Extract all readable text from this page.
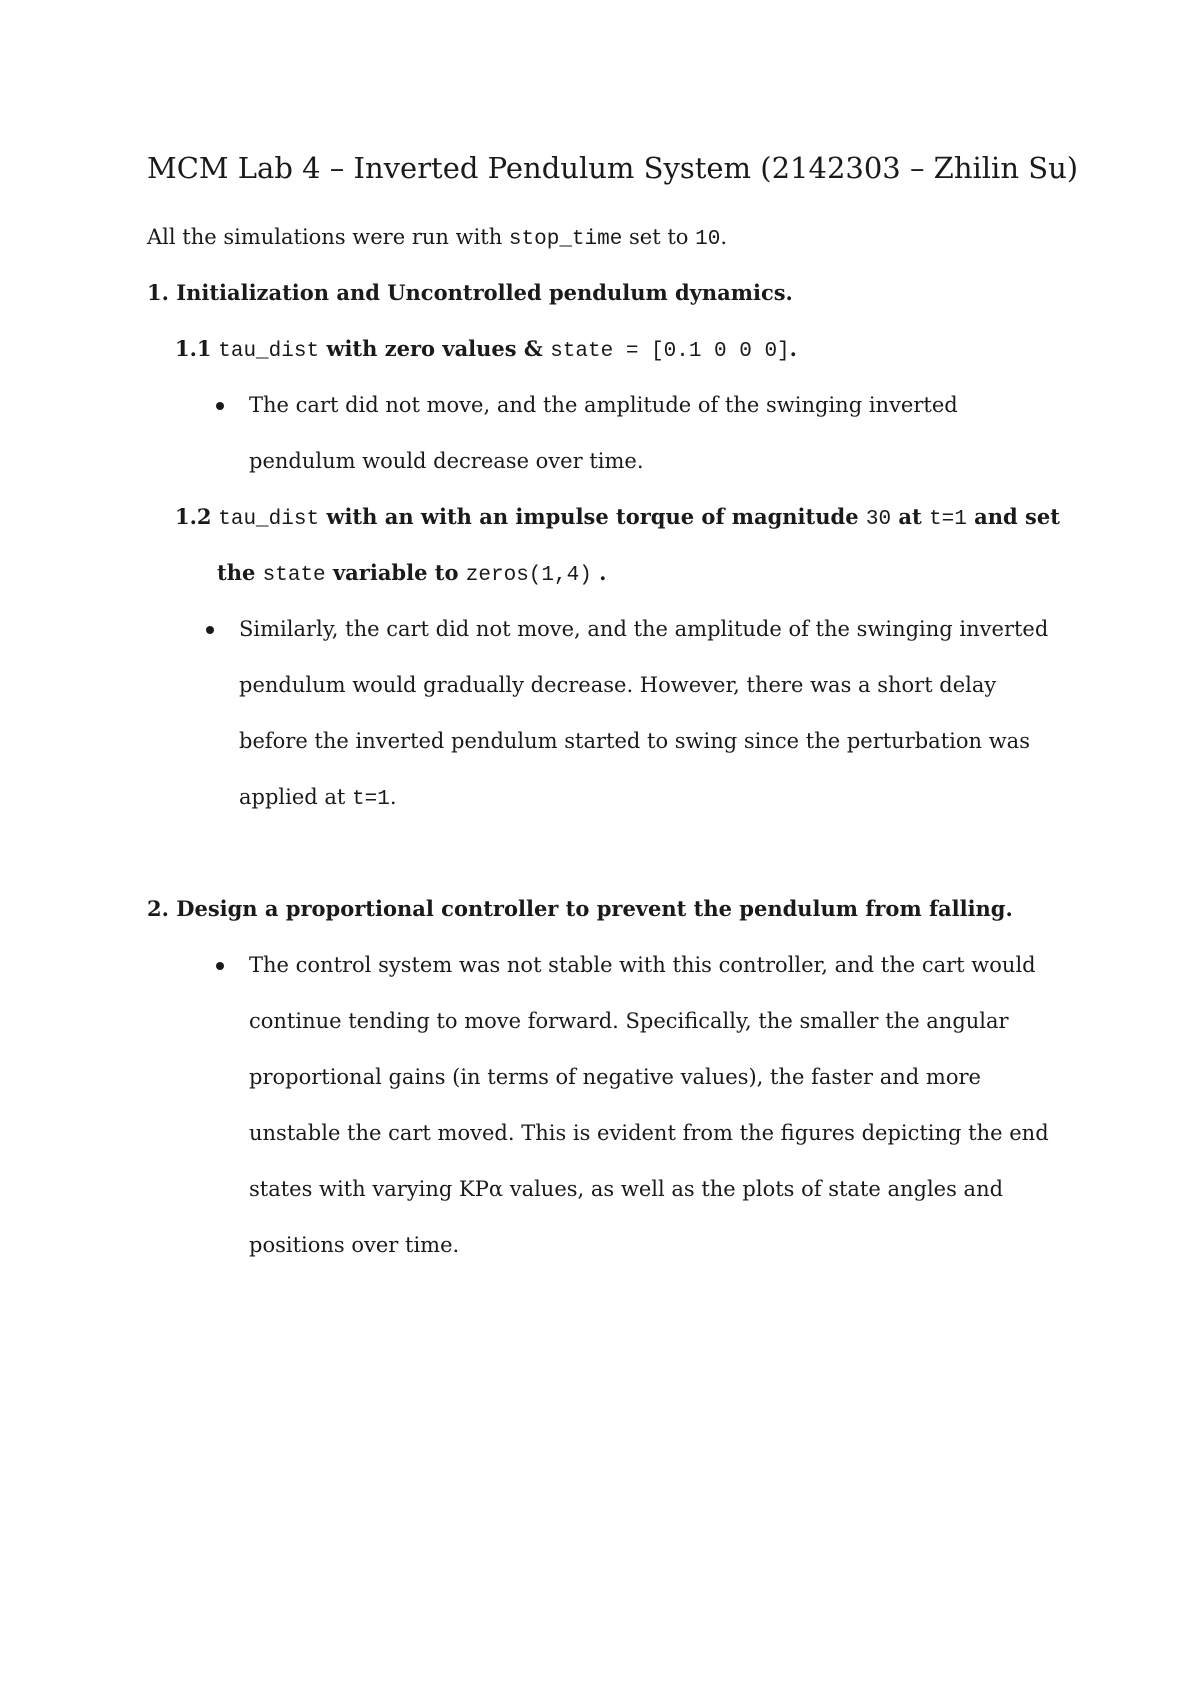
MCM Lab 4 – Inverted Pendulum System (2142303 – Zhilin Su)
All the simulations were run with stop_time set to 10.
1. Initialization and Uncontrolled pendulum dynamics.
1.1 tau_dist with zero values & state = [0.1 0 0 0].
The cart did not move, and the amplitude of the swinging inverted
pendulum would decrease over time.
1.2 tau_dist with an with an impulse torque of magnitude 30 at t=1 and set
the state variable to zeros(1,4) .
Similarly, the cart did not move, and the amplitude of the swinging inverted
pendulum would gradually decrease. However, there was a short delay
before the inverted pendulum started to swing since the perturbation was
applied at t=1.
2. Design a proportional controller to prevent the pendulum from falling.
The control system was not stable with this controller, and the cart would
continue tending to move forward. Specifically, the smaller the angular
proportional gains (in terms of negative values), the faster and more
unstable the cart moved. This is evident from the figures depicting the end
states with varying KPα values, as well as the plots of state angles and
positions over time.
